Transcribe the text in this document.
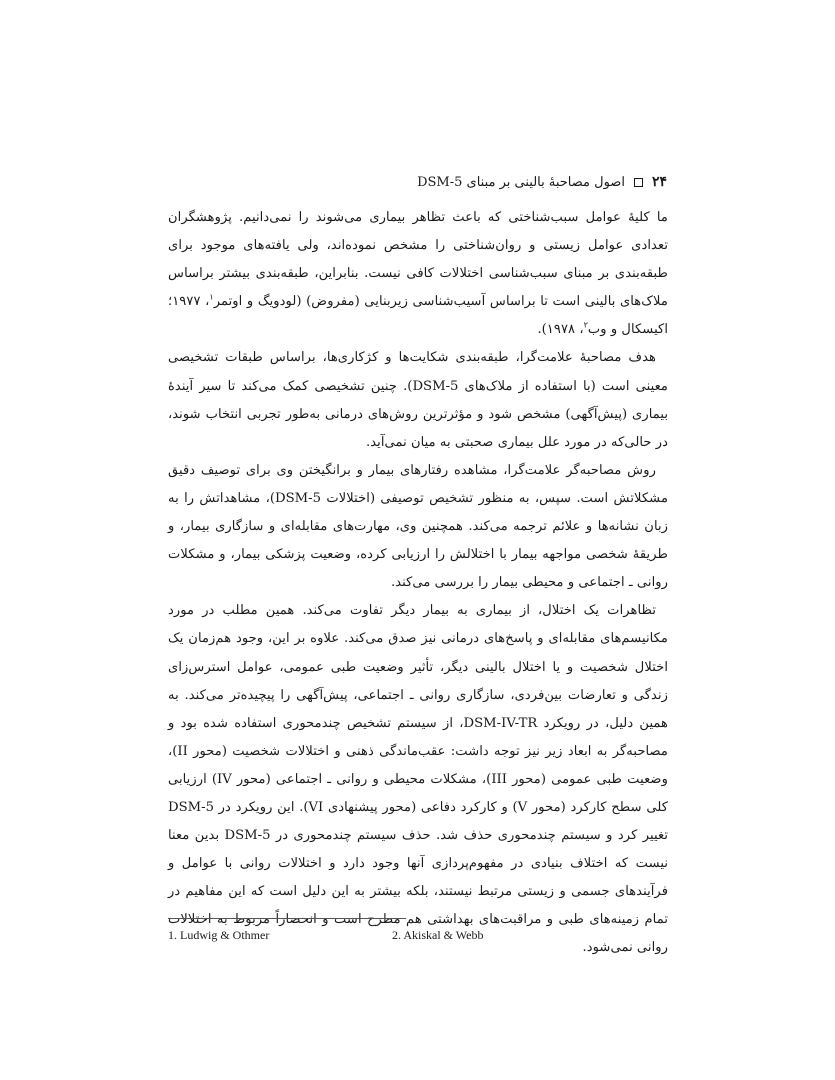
۲۴
اصول مصاحبهٔ بالینی بر مبنای DSM-5

ما کلیهٔ عوامل سبب‌شناختی که باعث تظاهر بیماری می‌شوند را نمی‌دانیم. پژوهشگران تعدادی عوامل زیستی و روان‌شناختی را مشخص نموده‌اند، ولی یافته‌های موجود برای طبقه‌بندی بر مبنای سبب‌شناسی اختلالات کافی نیست. بنابراین، طبقه‌بندی بیشتر براساس ملاک‌های بالینی است تا براساس آسیب‌شناسی زیربنایی (مفروض) (لودویگ و اوتمر$^۱$، ۱۹۷۷؛ اکیسکال و وب$^۲$، ۱۹۷۸).

هدف مصاحبهٔ علامت‌گرا، طبقه‌بندی شکایت‌ها و کژکاری‌ها، براساس طبقات تشخیصی معینی است (با استفاده از ملاک‌های DSM-5). چنین تشخیصی کمک می‌کند تا سیر آیندهٔ بیماری (پیش‌آگهی) مشخص شود و مؤثرترین روش‌های درمانی به‌طور تجربی انتخاب شوند، در حالی‌که در مورد علل بیماری صحبتی به میان نمی‌آید.

روش مصاحبه‌گر علامت‌گرا، مشاهده رفتارهای بیمار و برانگیختن وی برای توصیف دقیق مشکلاتش است. سپس، به منظور تشخیص توصیفی (اختلالات DSM-5)، مشاهداتش را به زبان نشانه‌ها و علائم ترجمه می‌کند. همچنین وی، مهارت‌های مقابله‌ای و سازگاری بیمار، و طریقهٔ شخصی مواجهه بیمار با اختلالش را ارزیابی کرده، وضعیت پزشکی بیمار، و مشکلات روانی ـ اجتماعی و محیطی بیمار را بررسی می‌کند.

تظاهرات یک اختلال، از بیماری به بیمار دیگر تفاوت می‌کند. همین مطلب در مورد مکانیسم‌های مقابله‌ای و پاسخ‌های درمانی نیز صدق می‌کند. علاوه بر این، وجود هم‌زمان یک اختلال شخصیت و یا اختلال بالینی دیگر، تأثیر وضعیت طبی عمومی، عوامل استرس‌زای زندگی و تعارضات بین‌فردی، سازگاری روانی ـ اجتماعی، پیش‌آگهی را پیچیده‌تر می‌کند. به همین دلیل، در رویکرد DSM-IV-TR، از سیستم تشخیص چندمحوری استفاده شده بود و مصاحبه‌گر به ابعاد زیر نیز توجه داشت: عقب‌ماندگی ذهنی و اختلالات شخصیت (محور II)، وضعیت طبی عمومی (محور III)، مشکلات محیطی و روانی ـ اجتماعی (محور IV) ارزیابی کلی سطح کارکرد (محور V) و کارکرد دفاعی (محور پیشنهادی VI). این رویکرد در DSM-5 تغییر کرد و سیستم چندمحوری حذف شد. حذف سیستم چندمحوری در DSM-5 بدین معنا نیست که اختلاف بنیادی در مفهوم‌پردازی آنها وجود دارد و اختلالات روانی با عوامل و فرآیندهای جسمی و زیستی مرتبط نیستند، بلکه بیشتر به این دلیل است که این مفاهیم در تمام زمینه‌های طبی و مراقبت‌های بهداشتی هم مطرح است و انحصاراً مربوط به اختلالات روانی نمی‌شود.

1. Ludwig & Othmer	2. Akiskal & Webb
